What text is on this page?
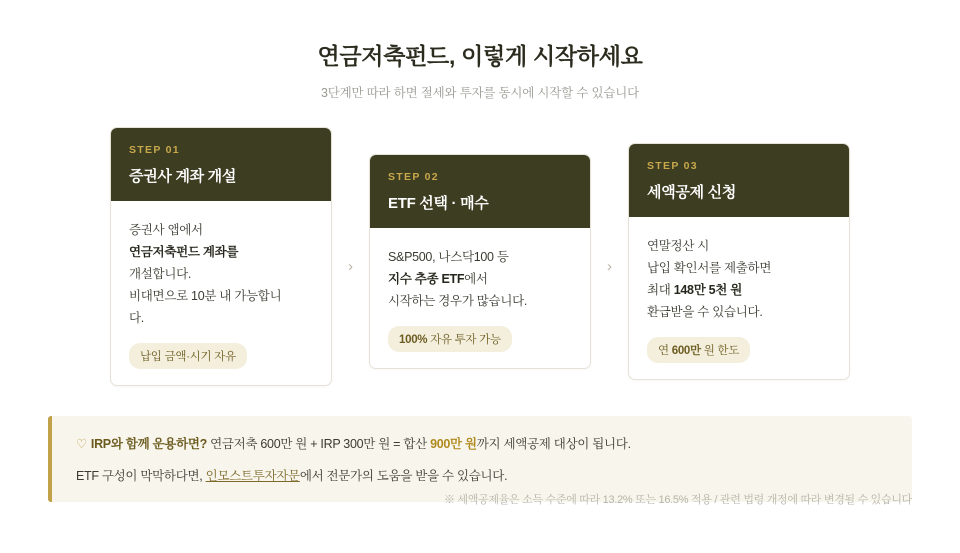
연금저축펀드, 이렇게 시작하세요
3단계만 따라 하면 절세와 투자를 동시에 시작할 수 있습니다
STEP 01
증권사 계좌 개설
증권사 앱에서
연금저축펀드 계좌를
개설합니다.
비대면으로 10분 내 가능합니
다.
납입 금액·시기 자유
›
STEP 02
ETF 선택 · 매수
S&P500, 나스닥100 등
지수 추종 ETF에서
시작하는 경우가 많습니다.
100% 자유 투자 가능
›
STEP 03
세액공제 신청
연말정산 시
납입 확인서를 제출하면
최대 148만 5천 원
환급받을 수 있습니다.
연 600만 원 한도
♡ IRP와 함께 운용하면? 연금저축 600만 원 + IRP 300만 원 = 합산 900만 원까지 세액공제 대상이 됩니다.
ETF 구성이 막막하다면, 인모스트투자자문에서 전문가의 도움을 받을 수 있습니다.
※ 세액공제율은 소득 수준에 따라 13.2% 또는 16.5% 적용 / 관련 법령 개정에 따라 변경될 수 있습니다
